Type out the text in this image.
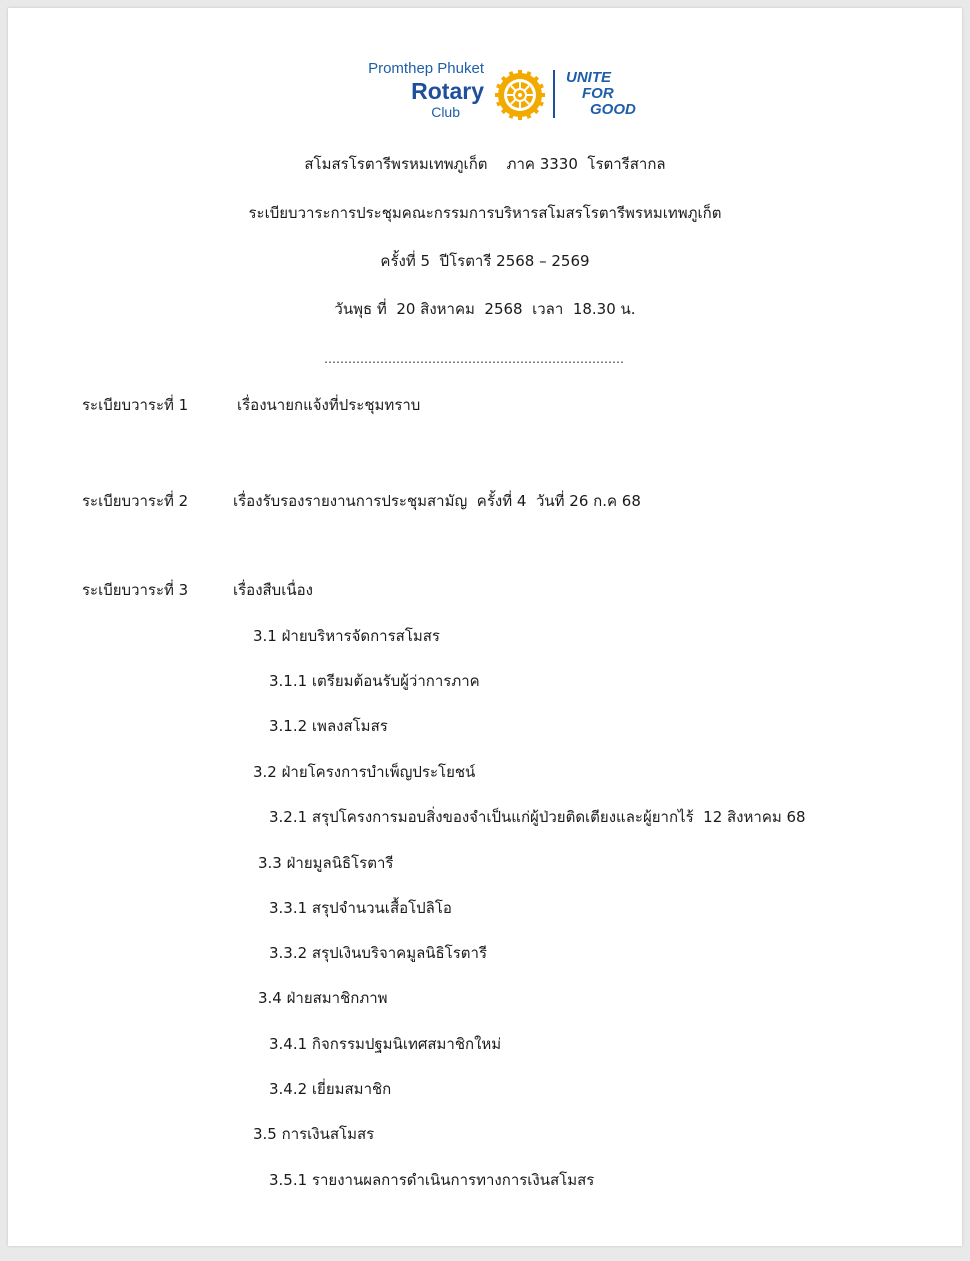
Promthep Phuket
Rotary
Club
UNITE
FOR
GOOD
สโมสรโรตารีพรหมเทพภูเก็ต    ภาค 3330  โรตารีสากล
ระเบียบวาระการประชุมคณะกรรมการบริหารสโมสรโรตารีพรหมเทพภูเก็ต
ครั้งที่ 5  ปีโรตารี 2568 – 2569
วันพุธ ที่  20 สิงหาคม  2568  เวลา  18.30 น.
…………………………………………………………………
ระเบียบวาระที่ 1	เรื่องนายกแจ้งที่ประชุมทราบ
ระเบียบวาระที่ 2	เรื่องรับรองรายงานการประชุมสามัญ  ครั้งที่ 4  วันที่ 26 ก.ค 68
ระเบียบวาระที่ 3	เรื่องสืบเนื่อง
3.1 ฝ่ายบริหารจัดการสโมสร
3.1.1 เตรียมต้อนรับผู้ว่าการภาค
3.1.2 เพลงสโมสร
3.2 ฝ่ายโครงการบำเพ็ญประโยชน์
3.2.1 สรุปโครงการมอบสิ่งของจำเป็นแก่ผู้ป่วยติดเตียงและผู้ยากไร้  12 สิงหาคม 68
3.3 ฝ่ายมูลนิธิโรตารี
3.3.1 สรุปจำนวนเสื้อโปลิโอ
3.3.2 สรุปเงินบริจาคมูลนิธิโรตารี
3.4 ฝ่ายสมาชิกภาพ
3.4.1 กิจกรรมปฐมนิเทศสมาชิกใหม่
3.4.2 เยี่ยมสมาชิก
3.5 การเงินสโมสร
3.5.1 รายงานผลการดำเนินการทางการเงินสโมสร
